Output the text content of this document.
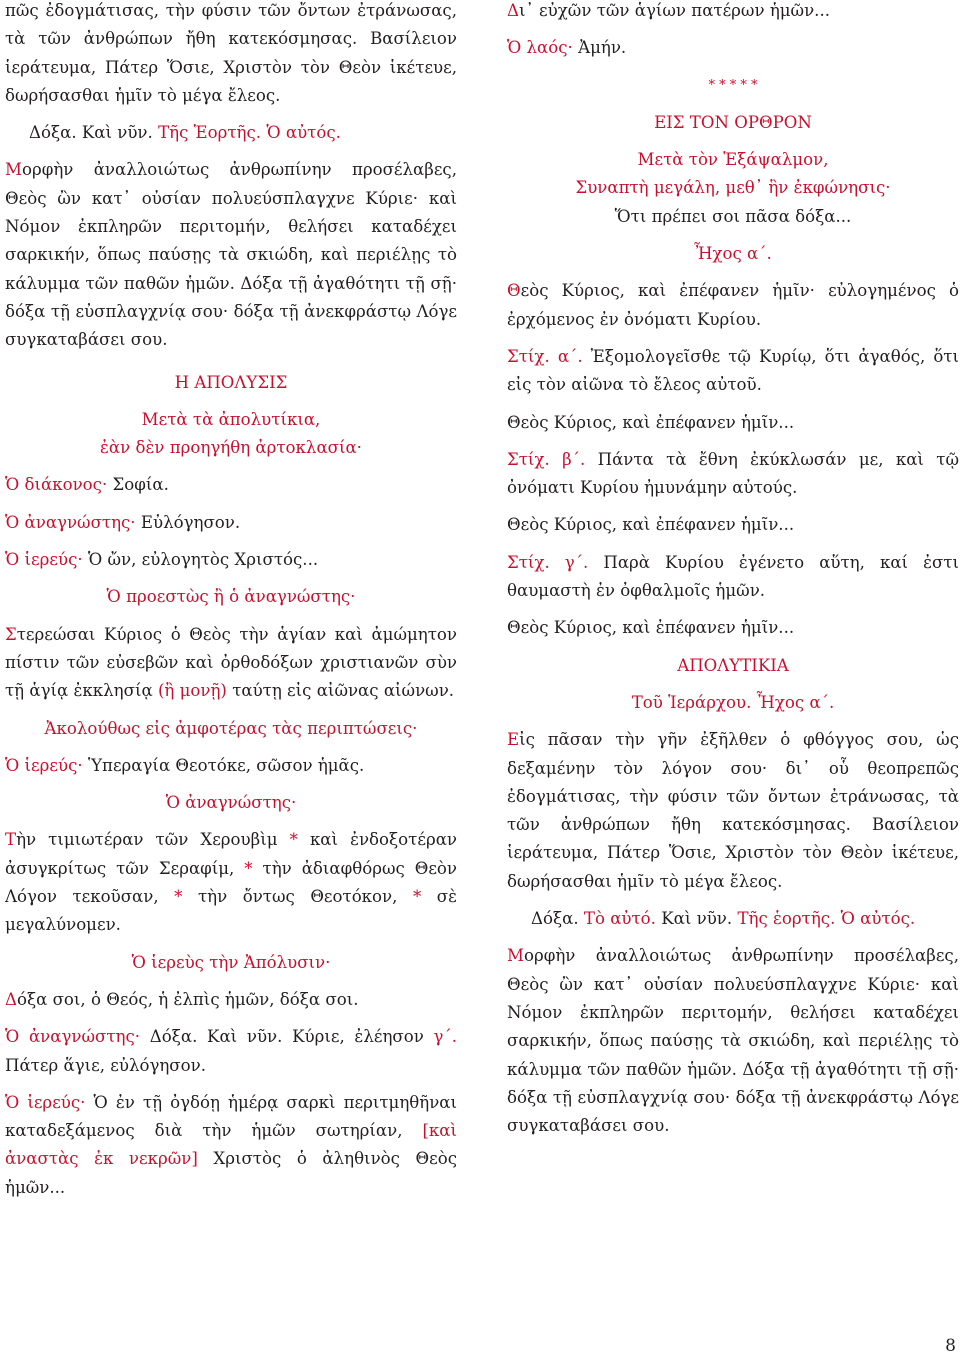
πῶς ἐδογμάτισας, τὴν φύσιν τῶν ὄντων ἐτράνωσας, τὰ τῶν ἀνθρώπων ἤθη κατεκόσμησας. Βασίλειον ἱεράτευμα, Πάτερ Ὅσιε, Χριστὸν τὸν Θεὸν ἱκέτευε, δωρήσασθαι ἡμῖν τὸ μέγα ἔλεος.
Δόξα. Καὶ νῦν. Τῆς Ἑορτῆς. Ὁ αὐτός.
Μορφὴν ἀναλλοιώτως ἀνθρωπίνην προσέλαβες, Θεὸς ὢν κατ᾿ οὐσίαν πολυεύσπλαγχνε Κύριε· καὶ Νόμον ἐκπληρῶν περιτομήν, θελήσει καταδέχει σαρκικήν, ὅπως παύσῃς τὰ σκιώδη, καὶ περιέλῃς τὸ κάλυμμα τῶν παθῶν ἡμῶν. Δόξα τῇ ἀγαθότητι τῇ σῇ· δόξα τῇ εὐσπλαγχνίᾳ σου· δόξα τῇ ἀνεκφράστῳ Λόγε συγκαταβάσει σου.
Η ΑΠΟΛΥΣΙΣ
Μετὰ τὰ ἀπολυτίκια,
ἐὰν δὲν προηγήθη ἀρτοκλασία·
Ὁ διάκονος· Σοφία.
Ὁ ἀναγνώστης· Εὐλόγησον.
Ὁ ἱερεύς· Ὁ ὤν, εὐλογητὸς Χριστός...
Ὁ προεστὼς ἢ ὁ ἀναγνώστης·
Στερεώσαι Κύριος ὁ Θεὸς τὴν ἁγίαν καὶ ἀμώμητον πίστιν τῶν εὐσεβῶν καὶ ὀρθοδόξων χριστιανῶν σὺν τῇ ἁγίᾳ ἐκκλησίᾳ (ἢ μονῇ) ταύτῃ εἰς αἰῶνας αἰώνων.
Ἀκολούθως εἰς ἀμφοτέρας τὰς περιπτώσεις·
Ὁ ἱερεύς· Ὑπεραγία Θεοτόκε, σῶσον ἡμᾶς.
Ὁ ἀναγνώστης·
Τὴν τιμιωτέραν τῶν Χερουβὶμ * καὶ ἐνδοξοτέραν ἀσυγκρίτως τῶν Σεραφίμ, * τὴν ἀδιαφθόρως Θεὸν Λόγον τεκοῦσαν, * τὴν ὄντως Θεοτόκον, * σὲ μεγαλύνομεν.
Ὁ ἱερεὺς τὴν Ἀπόλυσιν·
Δόξα σοι, ὁ Θεός, ἡ ἐλπὶς ἡμῶν, δόξα σοι.
Ὁ ἀναγνώστης· Δόξα. Καὶ νῦν. Κύριε, ἐλέησον γ΄. Πάτερ ἅγιε, εὐλόγησον.
Ὁ ἱερεύς· Ὁ ἐν τῇ ὀγδόῃ ἡμέρᾳ σαρκὶ περιτμηθῆναι καταδεξάμενος διὰ τὴν ἡμῶν σωτηρίαν, [καὶ ἀναστὰς ἐκ νεκρῶν] Χριστὸς ὁ ἀληθινὸς Θεὸς ἡμῶν...
Δι᾿ εὐχῶν τῶν ἁγίων πατέρων ἡμῶν...
Ὁ λαός· Ἀμήν.
* * * * *
ΕΙΣ ΤΟΝ ΟΡΘΡΟΝ
Μετὰ τὸν Ἑξάψαλμον,
Συναπτὴ μεγάλη, μεθ᾿ ἣν ἐκφώνησις·
Ὅτι πρέπει σοι πᾶσα δόξα...
Ἦχος α΄.
Θεὸς Κύριος, καὶ ἐπέφανεν ἡμῖν· εὐλογημένος ὁ ἐρχόμενος ἐν ὀνόματι Κυρίου.
Στίχ. α΄. Ἐξομολογεῖσθε τῷ Κυρίῳ, ὅτι ἀγαθός, ὅτι εἰς τὸν αἰῶνα τὸ ἔλεος αὐτοῦ.
Θεὸς Κύριος, καὶ ἐπέφανεν ἡμῖν...
Στίχ. β΄. Πάντα τὰ ἔθνη ἐκύκλωσάν με, καὶ τῷ ὀνόματι Κυρίου ἠμυνάμην αὐτούς.
Θεὸς Κύριος, καὶ ἐπέφανεν ἡμῖν...
Στίχ. γ΄. Παρὰ Κυρίου ἐγένετο αὕτη, καί ἐστι θαυμαστὴ ἐν ὀφθαλμοῖς ἡμῶν.
Θεὸς Κύριος, καὶ ἐπέφανεν ἡμῖν...
ΑΠΟΛΥΤΙΚΙΑ
Τοῦ Ἱεράρχου. Ἦχος α΄.
Εἰς πᾶσαν τὴν γῆν ἐξῆλθεν ὁ φθόγγος σου, ὡς δεξαμένην τὸν λόγον σου· δι᾿ οὗ θεοπρεπῶς ἐδογμάτισας, τὴν φύσιν τῶν ὄντων ἐτράνωσας, τὰ τῶν ἀνθρώπων ἤθη κατεκόσμησας. Βασίλειον ἱεράτευμα, Πάτερ Ὅσιε, Χριστὸν τὸν Θεὸν ἱκέτευε, δωρήσασθαι ἡμῖν τὸ μέγα ἔλεος.
Δόξα. Τὸ αὐτό. Καὶ νῦν. Τῆς ἑορτῆς. Ὁ αὐτός.
Μορφὴν ἀναλλοιώτως ἀνθρωπίνην προσέλαβες, Θεὸς ὢν κατ᾿ οὐσίαν πολυεύσπλαγχνε Κύριε· καὶ Νόμον ἐκπληρῶν περιτομήν, θελήσει καταδέχει σαρκικήν, ὅπως παύσῃς τὰ σκιώδη, καὶ περιέλῃς τὸ κάλυμμα τῶν παθῶν ἡμῶν. Δόξα τῇ ἀγαθότητι τῇ σῇ· δόξα τῇ εὐσπλαγχνίᾳ σου· δόξα τῇ ἀνεκφράστῳ Λόγε συγκαταβάσει σου.
8
